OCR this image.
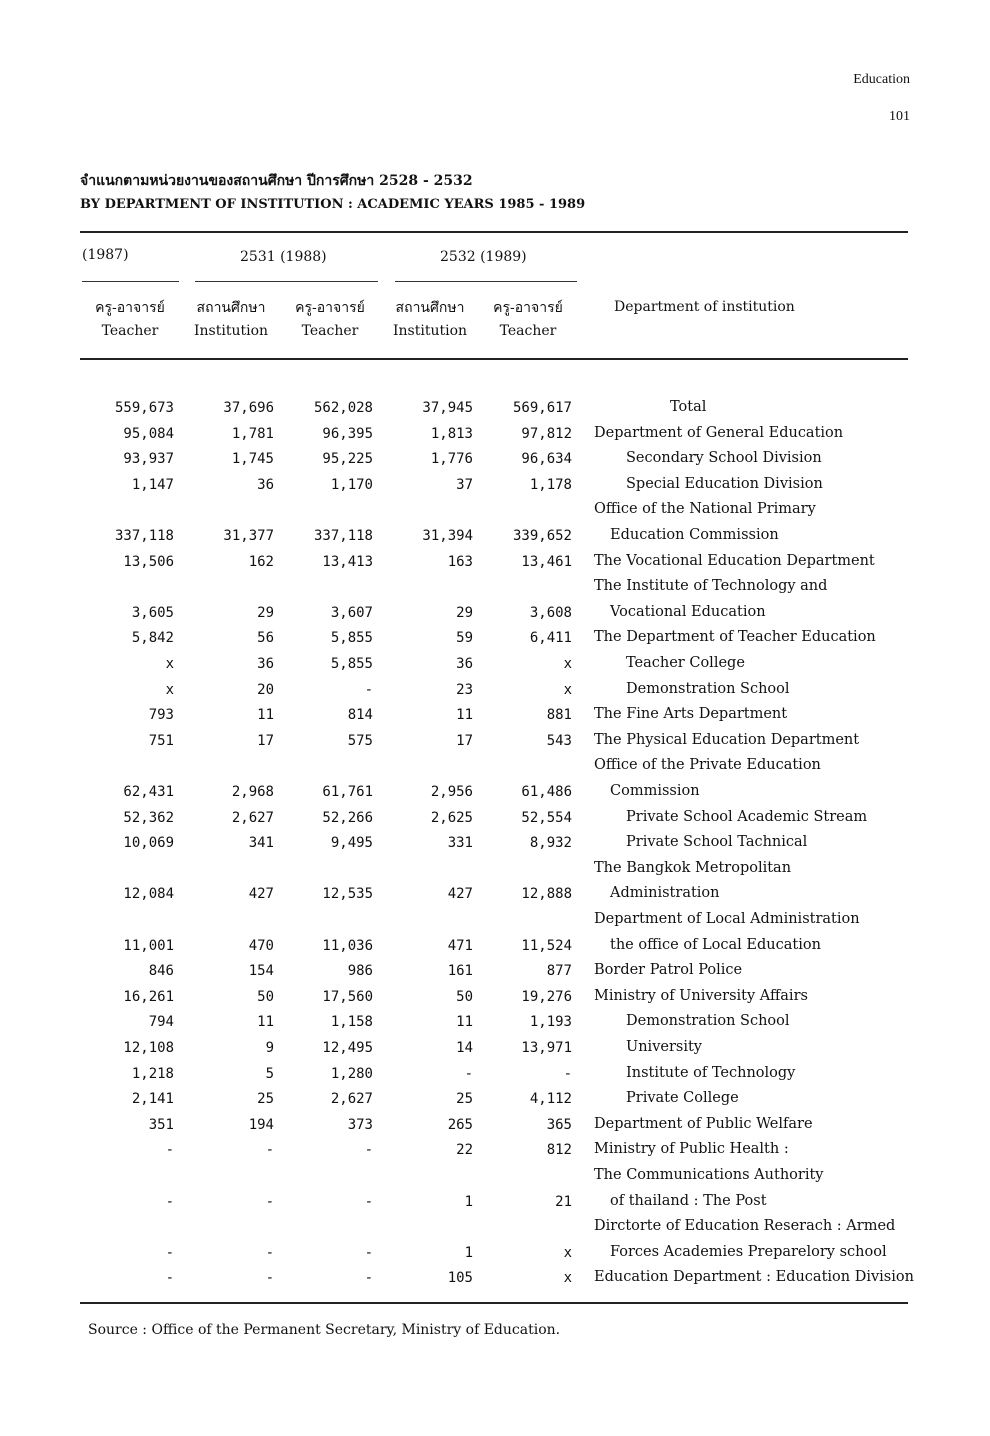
Education
101
จำแนกตามหน่วยงานของสถานศึกษา ปีการศึกษา 2528 - 2532
BY DEPARTMENT OF INSTITUTION : ACADEMIC YEARS 1985 - 1989
(1987)	2531 (1988)	2532 (1989)
ครู-อาจารย์
Teacher
สถานศึกษา
Institution
ครู-อาจารย์
Teacher
สถานศึกษา
Institution
ครู-อาจารย์
Teacher
Department of institution
559,673	37,696	562,028	37,945	569,617	Total
95,084	1,781	96,395	1,813	97,812 Department of General Education
93,937	1,745	95,225	1,776	96,634	Secondary School Division
1,147	36	1,170	37	1,178	Special Education Division
Office of the National Primary
337,118	31,377	337,118	31,394	339,652	Education Commission
13,506	162	13,413	163	13,461 The Vocational Education Department
The Institute of Technology and
3,605	29	3,607	29	3,608	Vocational Education
5,842	56	5,855	59	6,411 The Department of Teacher Education
x	36	5,855	36	x	Teacher College
x	20	-	23	x	Demonstration School
793	11	814	11	881 The Fine Arts Department
751	17	575	17	543 The Physical Education Department
Office of the Private Education
62,431	2,968	61,761	2,956	61,486	Commission
52,362	2,627	52,266	2,625	52,554	Private School Academic Stream
10,069	341	9,495	331	8,932	Private School Tachnical
The Bangkok Metropolitan
12,084	427	12,535	427	12,888	Administration
Department of Local Administration
11,001	470	11,036	471	11,524	the office of Local Education
846	154	986	161	877 Border Patrol Police
16,261	50	17,560	50	19,276 Ministry of University Affairs
794	11	1,158	11	1,193	Demonstration School
12,108	9	12,495	14	13,971	University
1,218	5	1,280	-	-	Institute of Technology
2,141	25	2,627	25	4,112	Private College
351	194	373	265	365 Department of Public Welfare
-	-	-	22	812 Ministry of Public Health :
The Communications Authority
-	-	-	1	21	of thailand : The Post
Dirctorte of Education Reserach : Armed
-	-	-	1	x	Forces Academies Preparelory school
-	-	-	105	x Education Department : Education Division
Source : Office of the Permanent Secretary, Ministry of Education.
